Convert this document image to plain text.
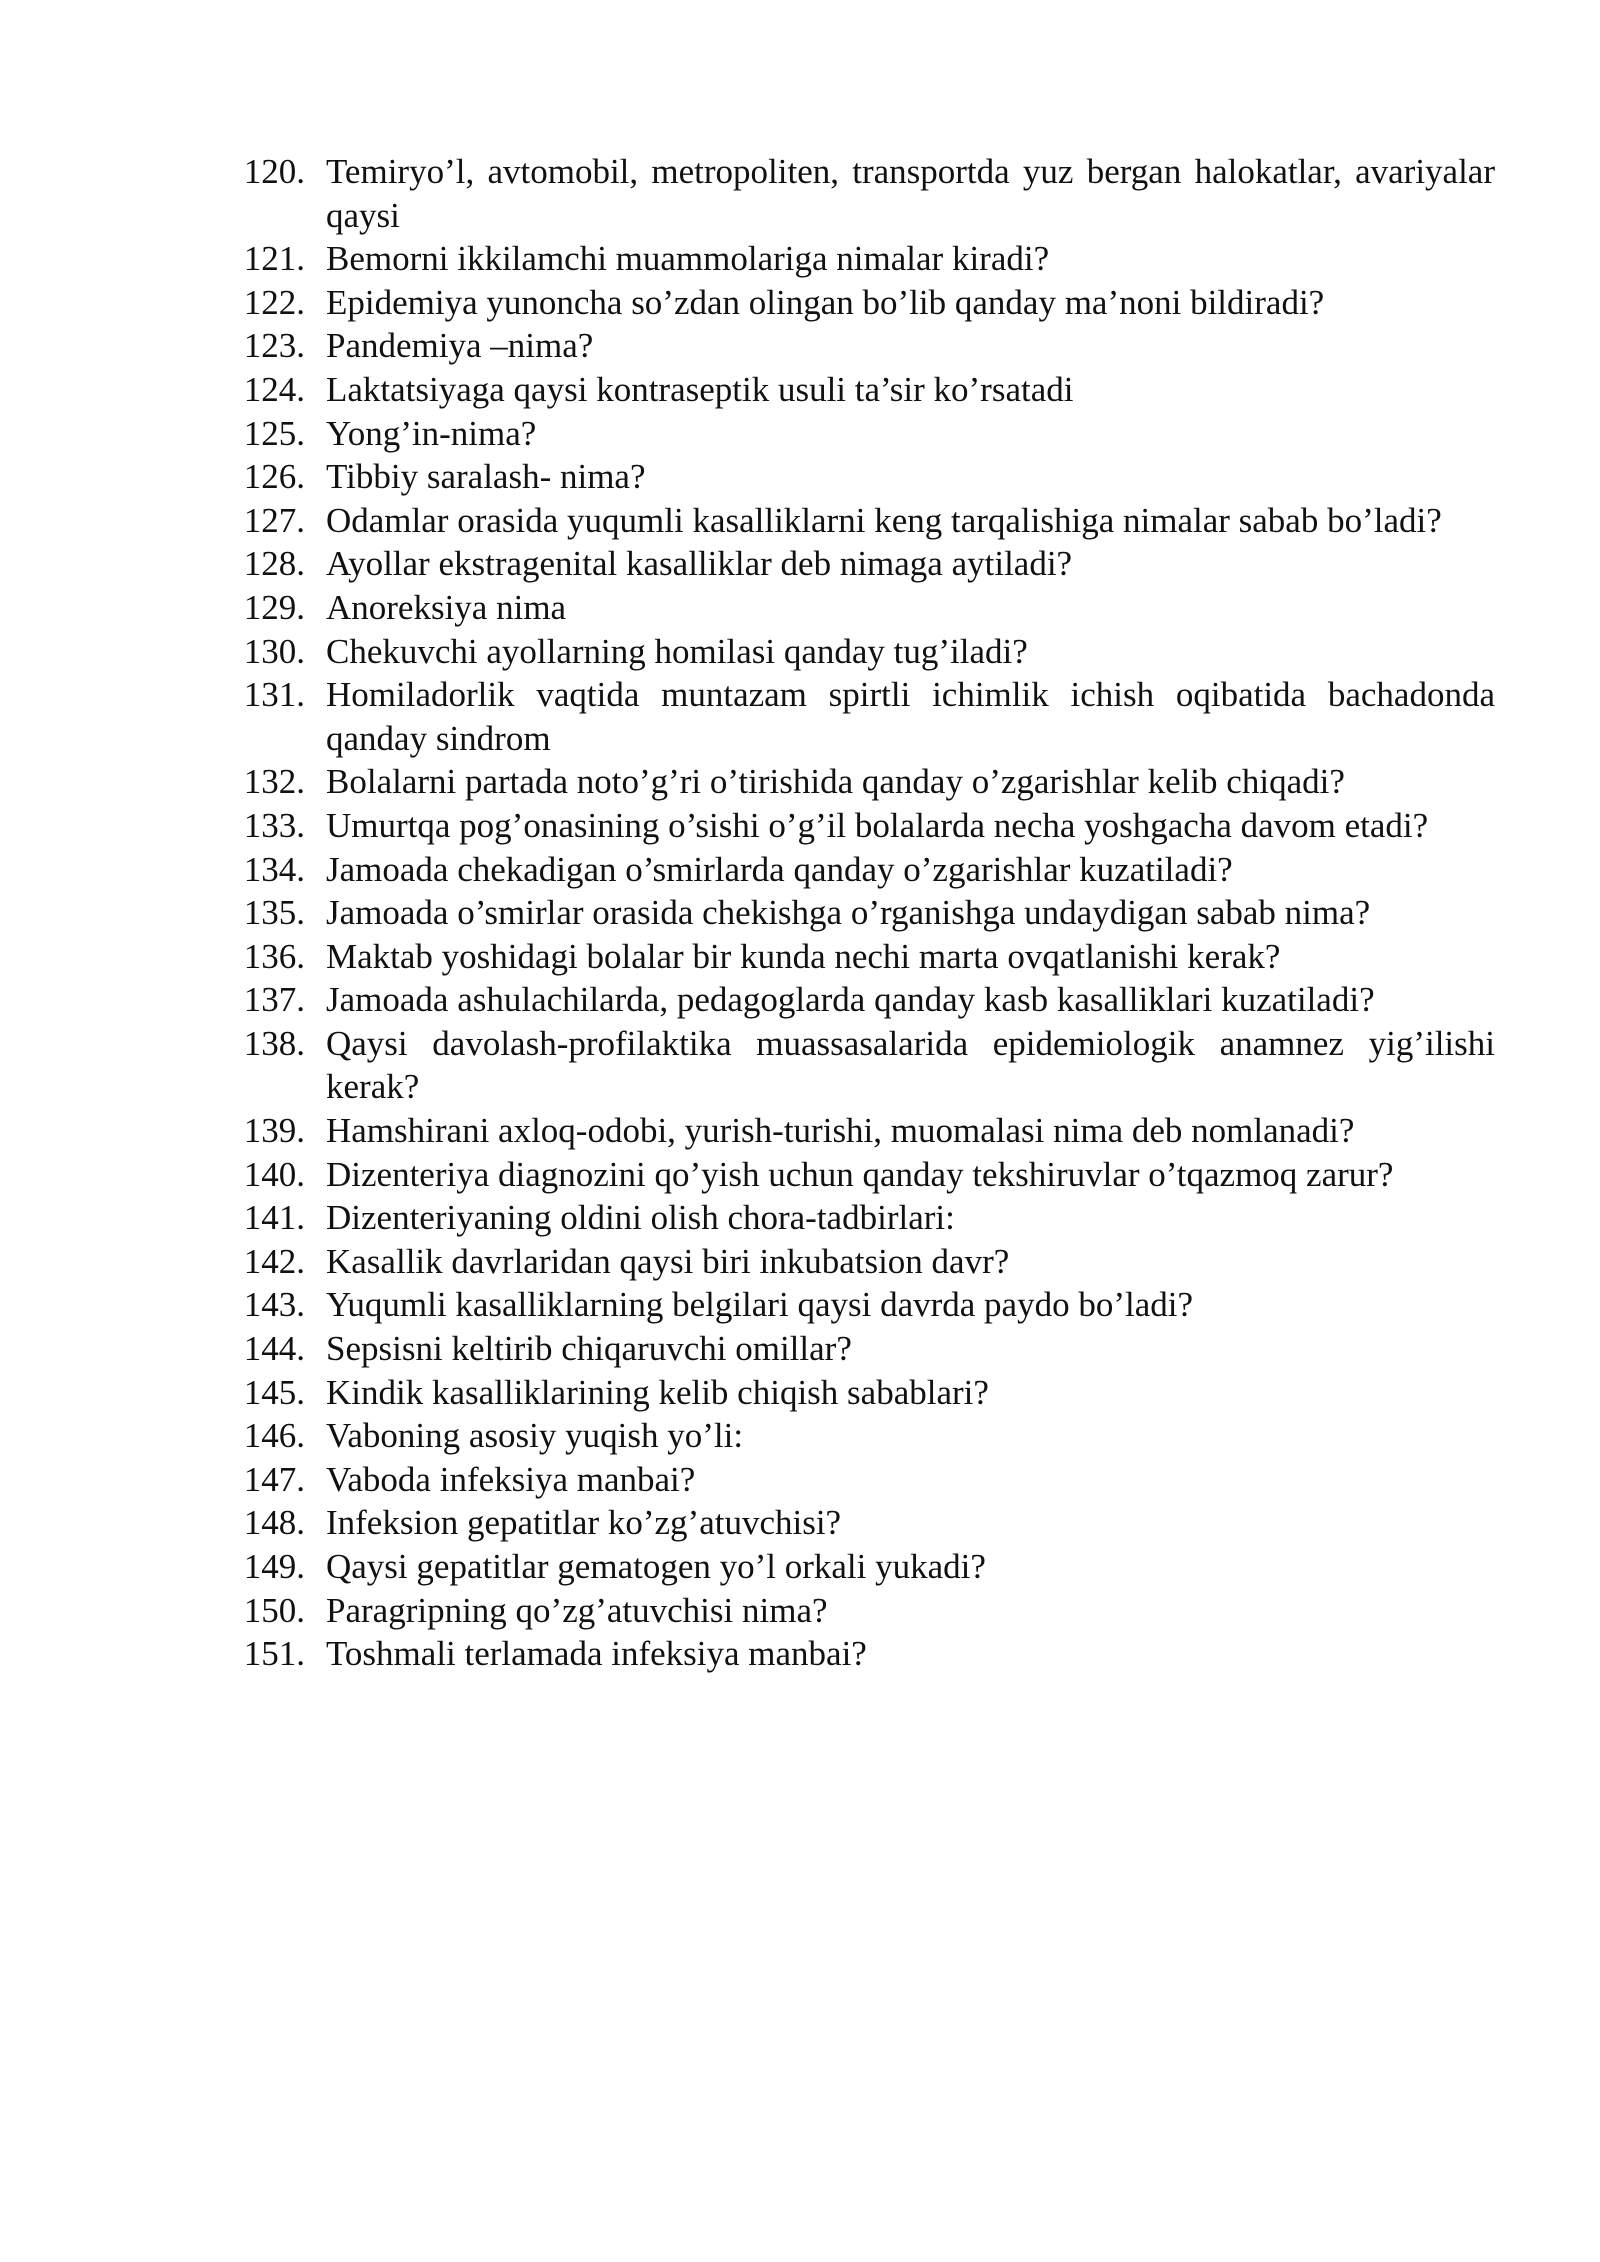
120. Temiryo’l, avtomobil, metropoliten, transportda yuz bergan halokatlar, avariyalar qaysi
121. Bemorni ikkilamchi muammolariga nimalar kiradi?
122. Epidemiya yunoncha so’zdan olingan bo’lib qanday ma’noni bildiradi?
123. Pandemiya –nima?
124. Laktatsiyaga qaysi kontraseptik usuli ta’sir ko’rsatadi
125. Yong’in-nima?
126. Tibbiy saralash- nima?
127. Odamlar orasida yuqumli kasalliklarni keng tarqalishiga nimalar sabab bo’ladi?
128. Ayollar ekstragenital kasalliklar deb nimaga aytiladi?
129. Anoreksiya nima
130. Chekuvchi ayollarning homilasi qanday tug’iladi?
131. Homiladorlik vaqtida muntazam spirtli ichimlik ichish oqibatida bachadonda qanday sindrom
132. Bolalarni partada noto’g’ri o’tirishida qanday o’zgarishlar kelib chiqadi?
133. Umurtqa pog’onasining o’sishi o’g’il bolalarda necha yoshgacha davom etadi?
134. Jamoada chekadigan o’smirlarda qanday o’zgarishlar kuzatiladi?
135. Jamoada o’smirlar orasida chekishga o’rganishga undaydigan sabab nima?
136. Maktab yoshidagi bolalar bir kunda nechi marta ovqatlanishi kerak?
137. Jamoada ashulachilarda, pedagoglarda qanday kasb kasalliklari kuzatiladi?
138. Qaysi davolash-profilaktika muassasalarida epidemiologik anamnez yig’ilishi kerak?
139. Hamshirani axloq-odobi, yurish-turishi, muomalasi nima deb nomlanadi?
140. Dizenteriya diagnozini qo’yish uchun qanday tekshiruvlar o’tqazmoq zarur?
141. Dizenteriyaning oldini olish chora-tadbirlari:
142. Kasallik davrlaridan qaysi biri inkubatsion davr?
143. Yuqumli kasalliklarning belgilari qaysi davrda paydo bo’ladi?
144. Sepsisni keltirib chiqaruvchi omillar?
145. Kindik kasalliklarining kelib chiqish sabablari?
146. Vaboning asosiy yuqish yo’li:
147. Vaboda infeksiya manbai?
148. Infeksion gepatitlar ko’zg’atuvchisi?
149. Qaysi gepatitlar gematogen yo’l orkali yukadi?
150. Paragripning qo’zg’atuvchisi nima?
151. Toshmali terlamada infeksiya manbai?
